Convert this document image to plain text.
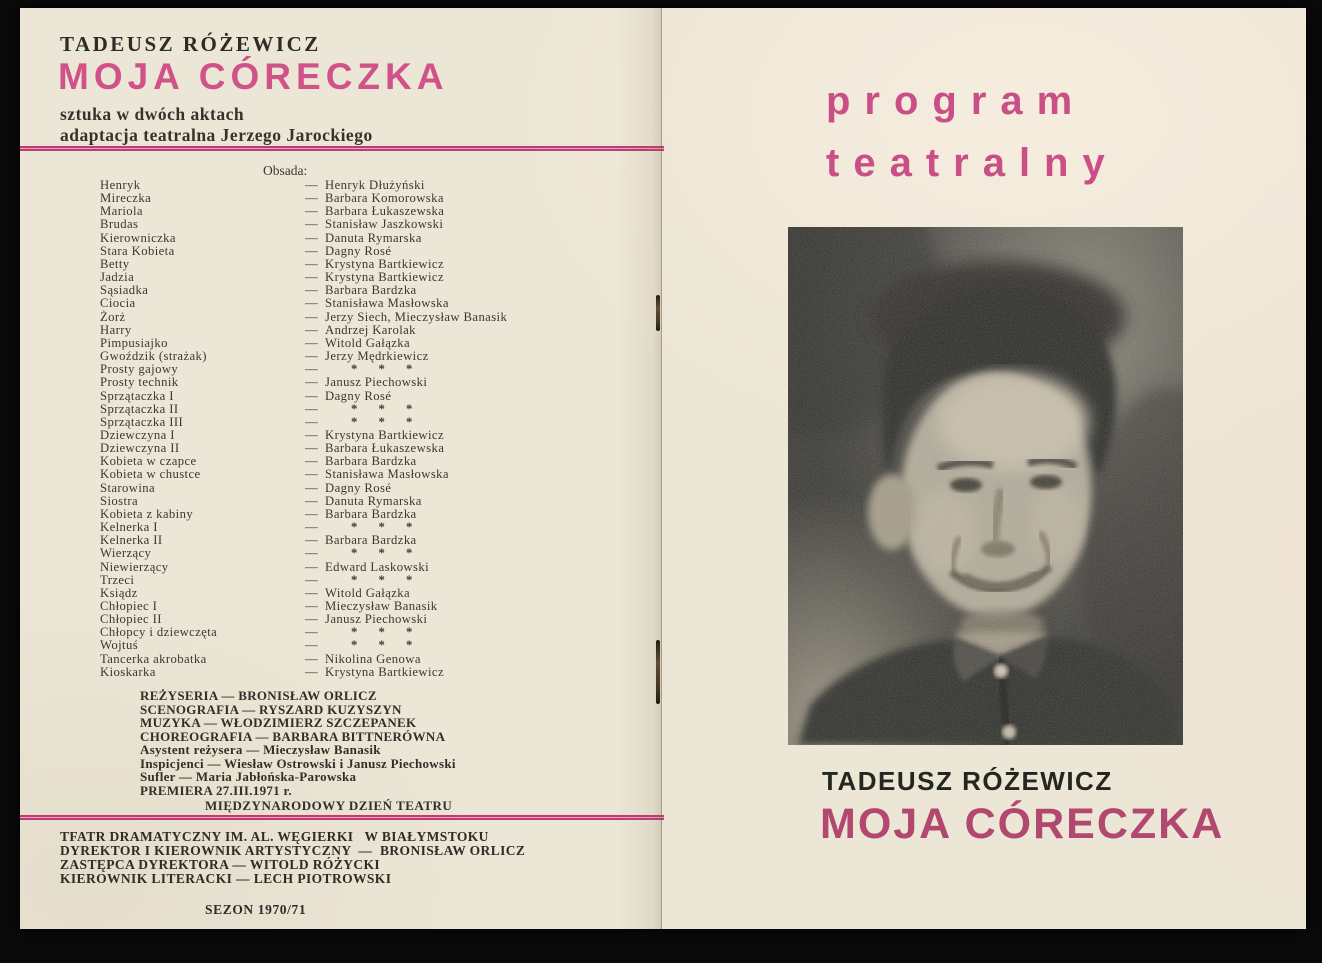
TADEUSZ RÓŻEWICZ
MOJA CÓRECZKA
sztuka w dwóch aktach
adaptacja teatralna Jerzego Jarockiego
Obsada:
Henryk	— Henryk Dłużyński
Mireczka	— Barbara Komorowska
Mariola	— Barbara Łukaszewska
Brudas	— Stanisław Jaszkowski
Kierowniczka	— Danuta Rymarska
Stara Kobieta	— Dagny Rosé
Betty	— Krystyna Bartkiewicz
Jadzia	— Krystyna Bartkiewicz
Sąsiadka	— Barbara Bardzka
Ciocia	— Stanisława Masłowska
Żorż	— Jerzy Siech, Mieczysław Banasik
Harry	— Andrzej Karolak
Pimpusiajko	— Witold Gałązka
Gwoździk (strażak)	— Jerzy Mędrkiewicz
Prosty gajowy	—	* * *
Prosty technik	— Janusz Piechowski
Sprzątaczka I	— Dagny Rosé
Sprzątaczka II	—	* * *
Sprzątaczka III	—	* * *
Dziewczyna I	— Krystyna Bartkiewicz
Dziewczyna II	— Barbara Łukaszewska
Kobieta w czapce	— Barbara Bardzka
Kobieta w chustce	— Stanisława Masłowska
Starowina	— Dagny Rosé
Siostra	— Danuta Rymarska
Kobieta z kabiny	— Barbara Bardzka
Kelnerka I	—	* * *
Kelnerka II	— Barbara Bardzka
Wierzący	—	* * *
Niewierzący	— Edward Laskowski
Trzeci	—	* * *
Ksiądz	— Witold Gałązka
Chłopiec I	— Mieczysław Banasik
Chłopiec II	— Janusz Piechowski
Chłopcy i dziewczęta	—	* * *
Wojtuś	—	* * *
Tancerka akrobatka	— Nikolina Genowa
Kioskarka	— Krystyna Bartkiewicz

REŻYSERIA — BRONISŁAW ORLICZ

SCENOGRAFIA — RYSZARD KUZYSZYN

MUZYKA — WŁODZIMIERZ SZCZEPANEK

CHOREOGRAFIA — BARBARA BITTNERÓWNA

Asystent reżysera — Mieczysław Banasik

Inspicjenci — Wiesław Ostrowski i Janusz Piechowski

Sufler — Maria Jabłońska-Parowska

PREMIERA 27.III.1971 r.

MIĘDZYNARODOWY DZIEŃ TEATRU

TFATR DRAMATYCZNY IM. AL. WĘGIERKI   W BIAŁYMSTOKU

DYREKTOR I KIEROWNIK ARTYSTYCZNY  —  BRONISŁAW ORLICZ

ZASTĘPCA DYREKTORA — WITOLD RÓŻYCKI

KIEROWNIK LITERACKI — LECH PIOTROWSKI

SEZON 1970/71
program
teatralny
TADEUSZ RÓŻEWICZ
MOJA CÓRECZKA
